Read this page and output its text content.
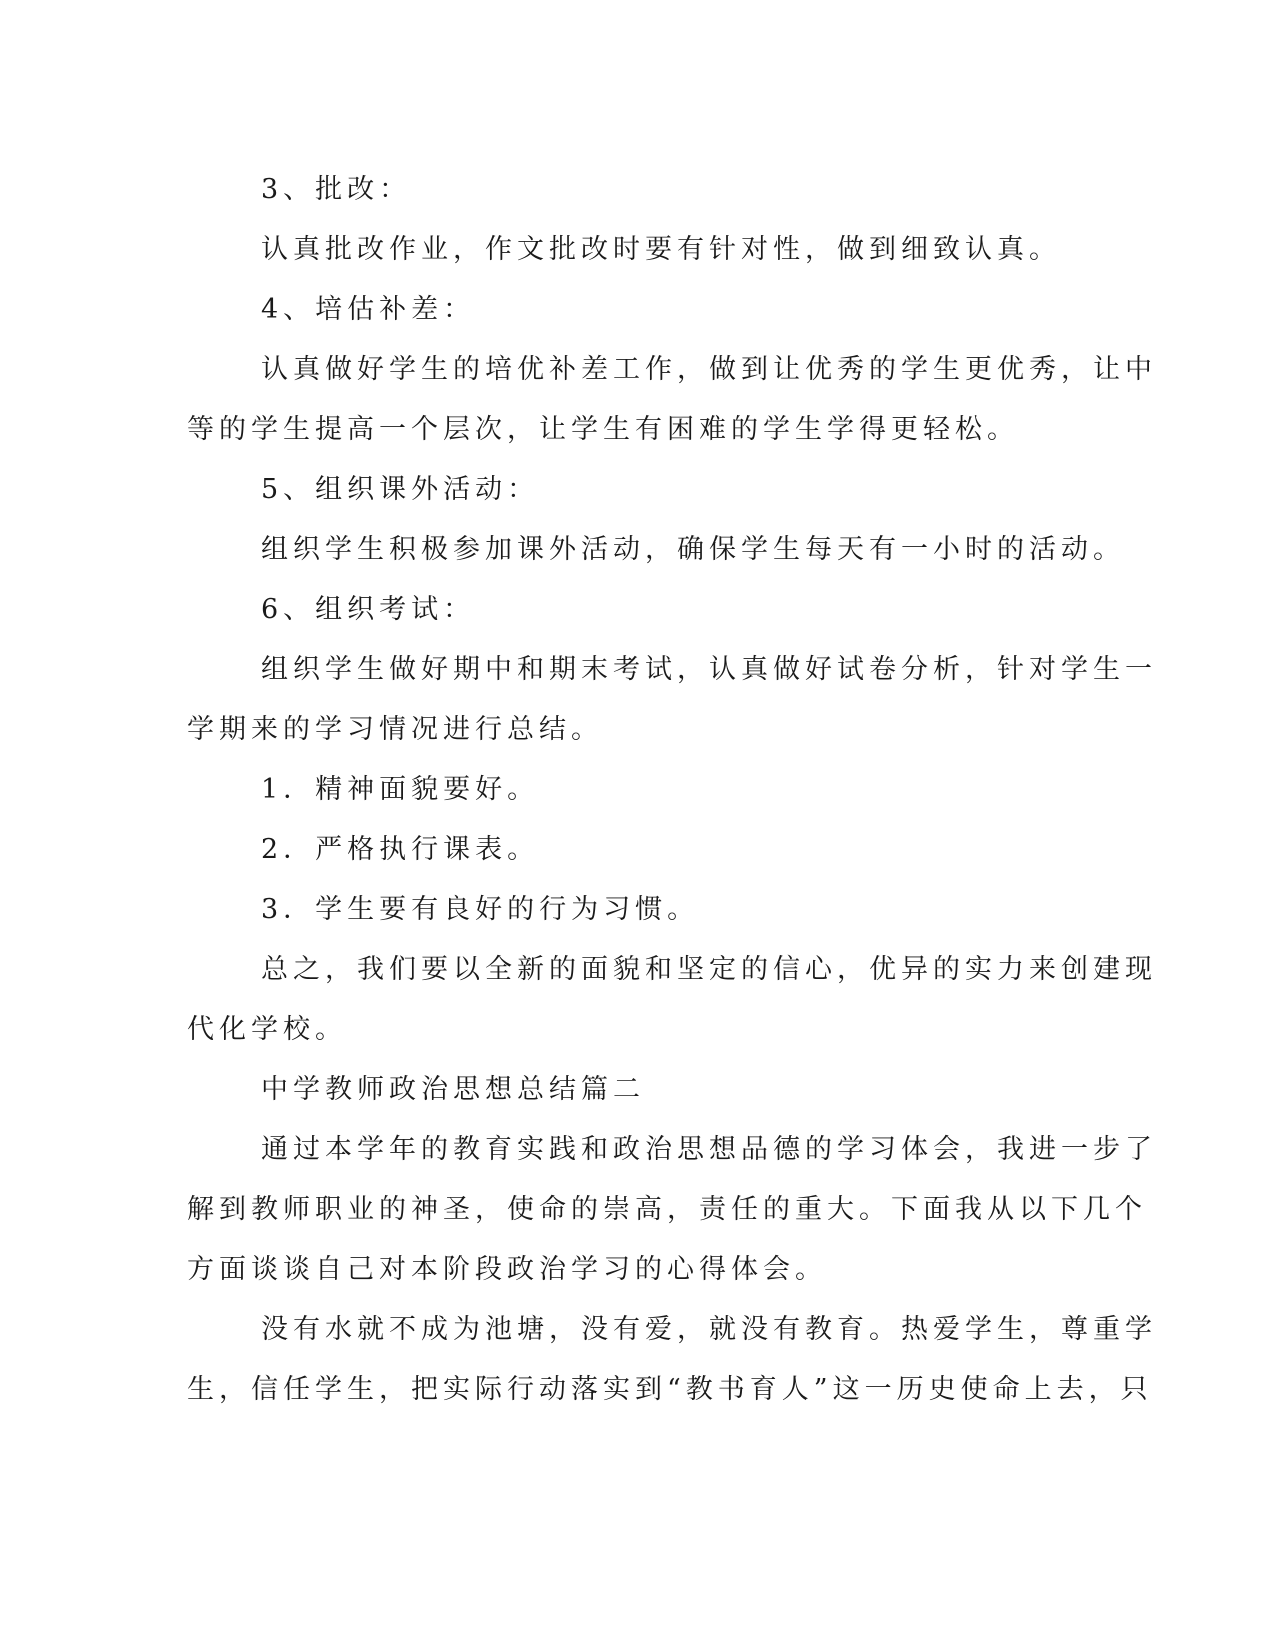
3、批改：

认真批改作业，作文批改时要有针对性，做到细致认真。

4、培估补差：

认真做好学生的培优补差工作，做到让优秀的学生更优秀，让中

等的学生提高一个层次，让学生有困难的学生学得更轻松。

5、组织课外活动：

组织学生积极参加课外活动，确保学生每天有一小时的活动。

6、组织考试：

组织学生做好期中和期末考试，认真做好试卷分析，针对学生一

学期来的学习情况进行总结。

1．精神面貌要好。

2．严格执行课表。

3．学生要有良好的行为习惯。

总之，我们要以全新的面貌和坚定的信心，优异的实力来创建现

代化学校。

中学教师政治思想总结篇二

通过本学年的教育实践和政治思想品德的学习体会，我进一步了

解到教师职业的神圣，使命的崇高，责任的重大。下面我从以下几个

方面谈谈自己对本阶段政治学习的心得体会。

没有水就不成为池塘，没有爱，就没有教育。热爱学生，尊重学

生，信任学生，把实际行动落实到“教书育人”这一历史使命上去，只
